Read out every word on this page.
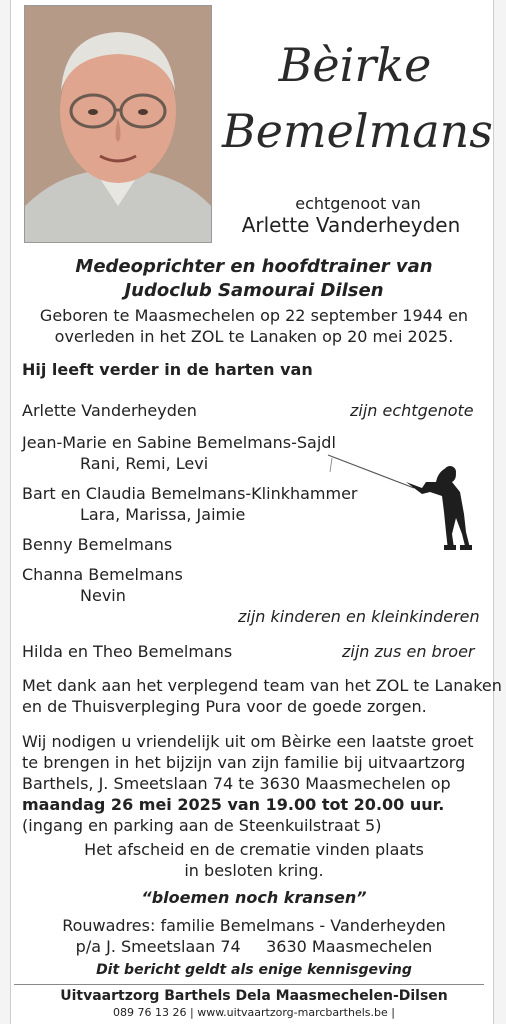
Bèirke
Bemelmans
echtgenoot van
Arlette Vanderheyden
Medeoprichter en hoofdtrainer van
Judoclub Samourai Dilsen
Geboren te Maasmechelen op 22 september 1944 en
overleden in het ZOL te Lanaken op 20 mei 2025.
Hij leeft verder in de harten van
Arlette Vanderheyden	zijn echtgenote
Jean-Marie en Sabine Bemelmans-Sajdl
Rani, Remi, Levi
Bart en Claudia Bemelmans-Klinkhammer
Lara, Marissa, Jaimie
Benny Bemelmans
Channa Bemelmans
Nevin
zijn kinderen en kleinkinderen
Hilda en Theo Bemelmans	zijn zus en broer
Met dank aan het verplegend team van het ZOL te Lanaken
en de Thuisverpleging Pura voor de goede zorgen.
Wij nodigen u vriendelijk uit om Bèirke een laatste groet
te brengen in het bijzijn van zijn familie bij uitvaartzorg
Barthels, J. Smeetslaan 74 te 3630 Maasmechelen op
maandag 26 mei 2025 van 19.00 tot 20.00 uur.
(ingang en parking aan de Steenkuilstraat 5)
Het afscheid en de crematie vinden plaats
in besloten kring.
“bloemen noch kransen”
Rouwadres: familie Bemelmans - Vanderheyden
p/a J. Smeetslaan 74     3630 Maasmechelen
Dit bericht geldt als enige kennisgeving
Uitvaartzorg Barthels Dela Maasmechelen-Dilsen
089 76 13 26 | www.uitvaartzorg-marcbarthels.be |
